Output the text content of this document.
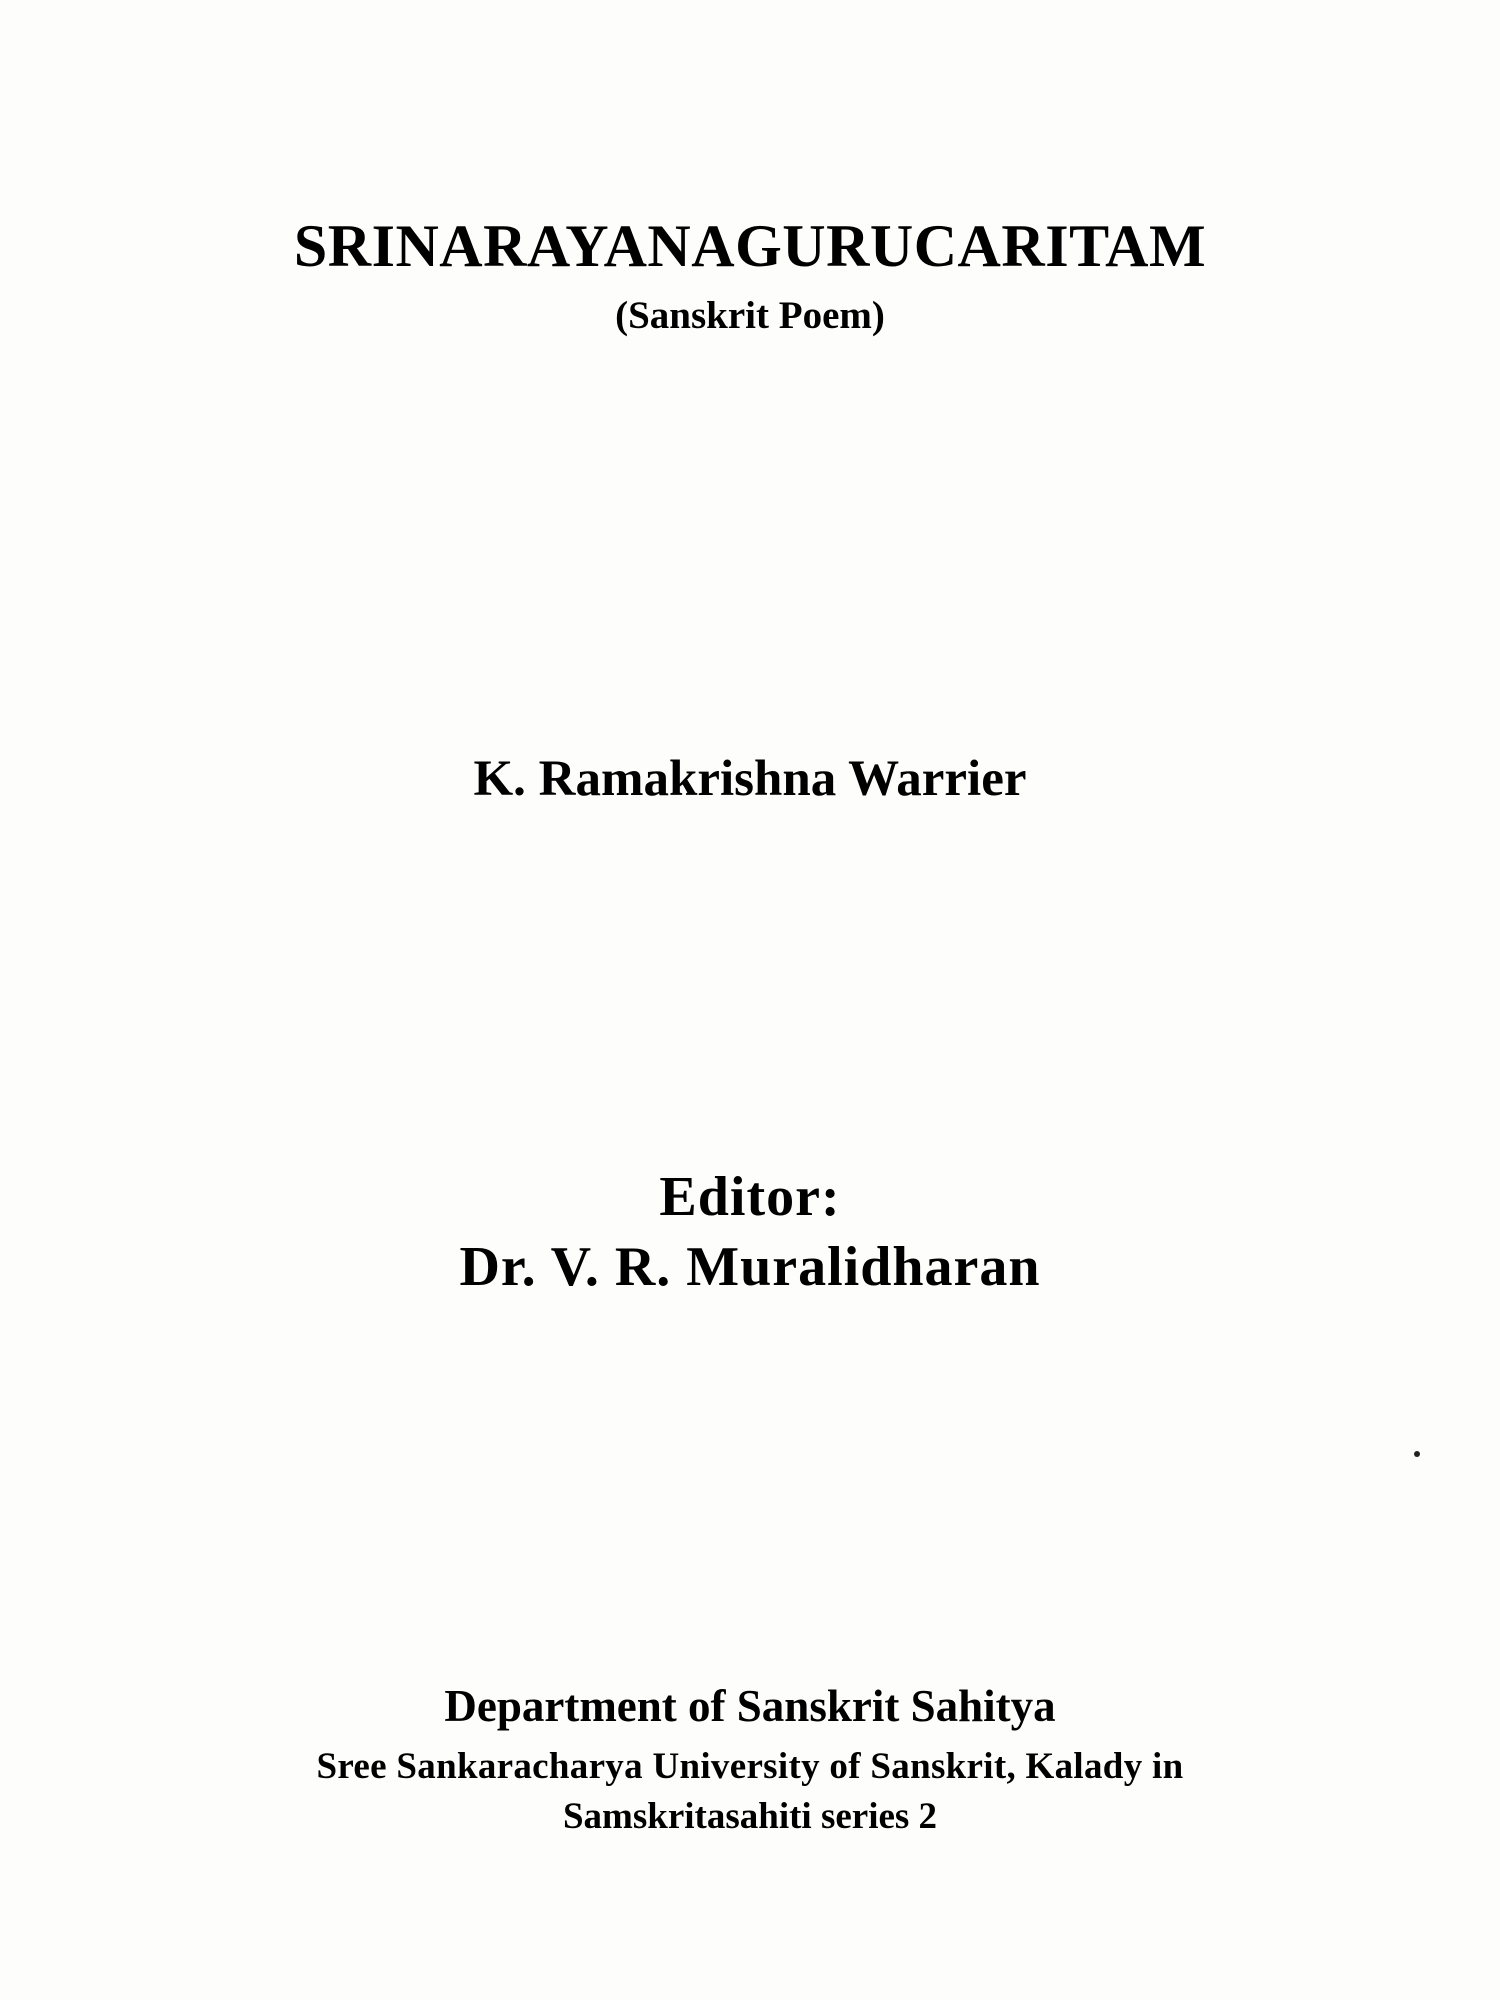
SRINARAYANAGURUCARITAM
(Sanskrit Poem)
K. Ramakrishna Warrier
Editor:
Dr. V. R. Muralidharan
Department of Sanskrit Sahitya
Sree Sankaracharya University of Sanskrit, Kalady in
Samskritasahiti series 2
